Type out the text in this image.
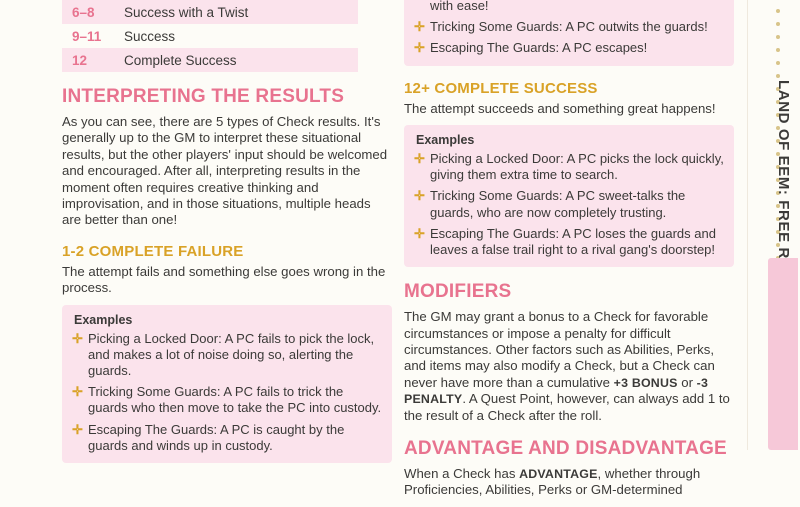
6–8	Success with a Twist
9–11	Success
12	Complete Success
INTERPRETING THE RESULTS

As you can see, there are 5 types of Check results. It's generally up to the GM to interpret these situational results, but the other players' input should be welcomed and encouraged. After all, interpreting results in the moment often requires creative thinking and improvisation, and in those situations, multiple heads are better than one!

1-2 COMPLETE FAILURE

The attempt fails and something else goes wrong in the process.

Examples
✛ Picking a Locked Door: A PC fails to pick the lock, and makes a lot of noise doing so, alerting the guards.
✛ Tricking Some Guards: A PC fails to trick the guards who then move to take the PC into custody.
✛ Escaping The Guards: A PC is caught by the guards and winds up in custody.
with ease!
✛ Tricking Some Guards: A PC outwits the guards!
✛ Escaping The Guards: A PC escapes!
12+ COMPLETE SUCCESS

The attempt succeeds and something great happens!

Examples
✛ Picking a Locked Door: A PC picks the lock quickly, giving them extra time to search.
✛ Tricking Some Guards: A PC sweet-talks the guards, who are now completely trusting.
✛ Escaping The Guards: A PC loses the guards and leaves a false trail right to a rival gang's doorstep!
MODIFIERS

The GM may grant a bonus to a Check for favorable circumstances or impose a penalty for difficult circumstances. Other factors such as Abilities, Perks, and items may also modify a Check, but a Check can never have more than a cumulative +3 BONUS or -3 PENALTY. A Quest Point, however, can always add 1 to the result of a Check after the roll.

ADVANTAGE AND DISADVANTAGE

When a Check has ADVANTAGE, whether through Proficiencies, Abilities, Perks or GM-determined

LAND OF EEM: FREE R
